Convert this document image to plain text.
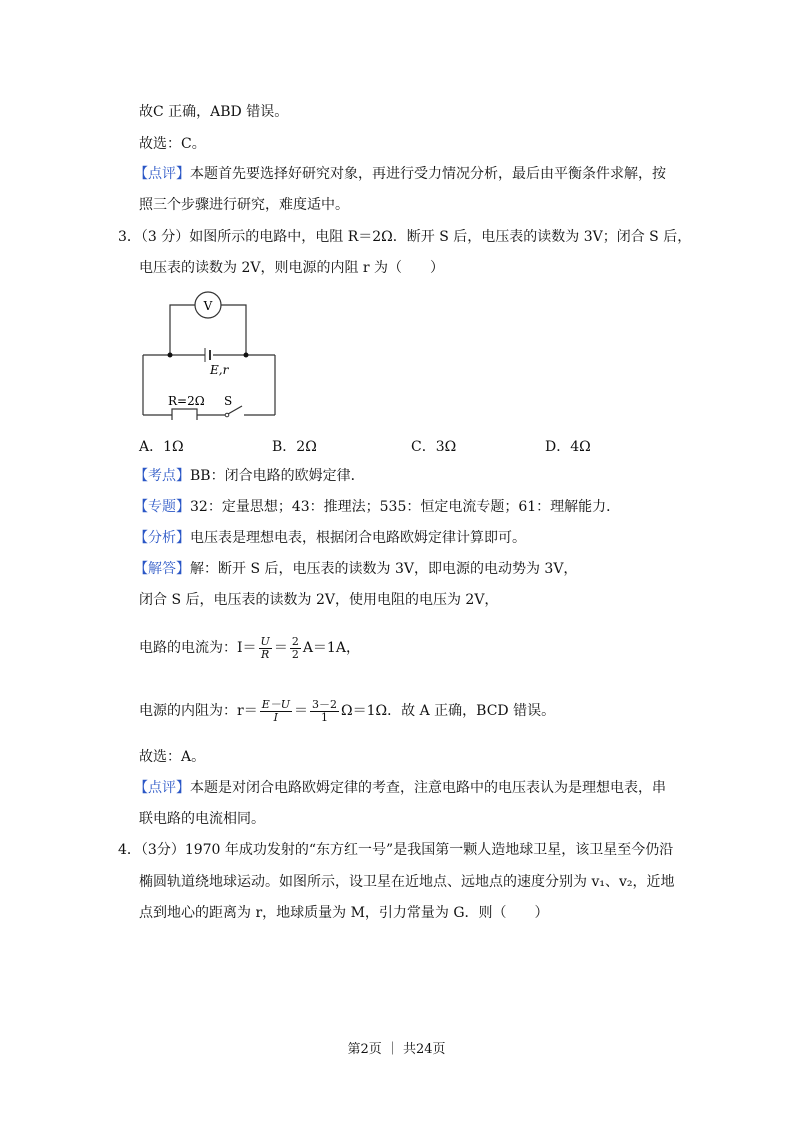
故C 正确，ABD 错误。
故选：C。
【点评】本题首先要选择好研究对象，再进行受力情况分析，最后由平衡条件求解，按
照三个步骤进行研究，难度适中。
3．（3 分）如图所示的电路中，电阻 R＝2Ω．断开 S 后，电压表的读数为 3V；闭合 S 后，
电压表的读数为 2V，则电源的内阻 r 为（　　）
V
E,r
R=2Ω S
A．1Ω	B．2Ω	C．3Ω	D．4Ω
【考点】BB：闭合电路的欧姆定律．
【专题】32：定量思想；43：推理法；535：恒定电流专题；61：理解能力．
【分析】电压表是理想电表，根据闭合电路欧姆定律计算即可。
【解答】解：断开 S 后，电压表的读数为 3V，即电源的电动势为 3V，
闭合 S 后，电压表的读数为 2V，使用电阻的电压为 2V，
电路的电流为：$I= \frac{U}{R} = \frac{2}{2} A=1A$，
电源的内阻为：$r= \frac{E-U}{I} = \frac{3-2}{1} \Omega=1\Omega$．故 A 正确，BCD 错误。
故选：A。
【点评】本题是对闭合电路欧姆定律的考查，注意电路中的电压表认为是理想电表，串
联电路的电流相同。
4．（3分）1970 年成功发射的“东方红一号”是我国第一颗人造地球卫星，该卫星至今仍沿
椭圆轨道绕地球运动。如图所示，设卫星在近地点、远地点的速度分别为 v₁、v₂，近地
点到地心的距离为 r，地球质量为 M，引力常量为 G．则（　　）
第2页 ｜ 共24页
